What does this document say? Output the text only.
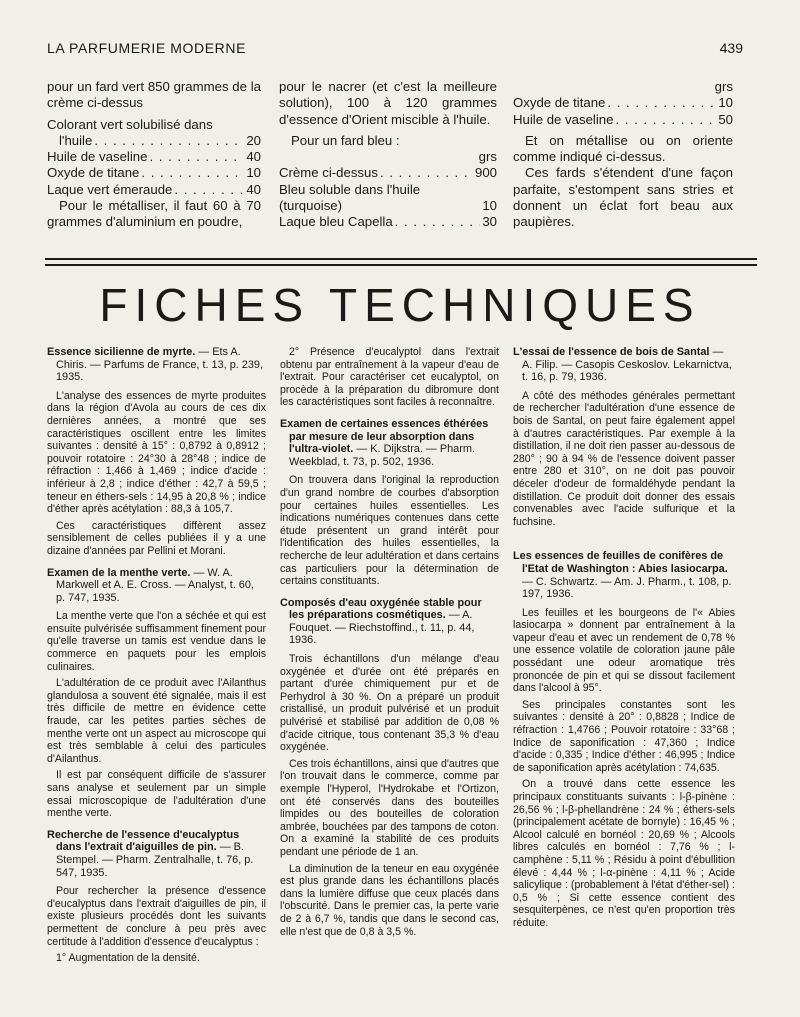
LA PARFUMERIE MODERNE	439

pour un fard vert 850 grammes de la crème ci-dessus

Colorant vert solubilisé dans

l'huile . . .	20
Huile de vaseline . . .	40
Oxyde de titane . . .	10
Laque vert émeraude . . .	40

Pour le métalliser, il faut 60 à 70 grammes d'aluminium en poudre,

pour le nacrer (et c'est la meilleure solution), 100 à 120 grammes d'essence d'Orient miscible à l'huile.

Pour un fard bleu :

grs

Crème ci-dessus . . .	900
Bleu soluble dans l'huile (turquoise)	10
Laque bleu Capella . . .	30

grs

Oxyde de titane . . .	10
Huile de vaseline . . .	50

Et on métallise ou on oriente comme indiqué ci-dessus.

Ces fards s'étendent d'une façon parfaite, s'estompent sans stries et donnent un éclat fort beau aux paupières.

FICHES TECHNIQUES
Essence sicilienne de myrte. — Ets A. Chiris. — Parfums de France, t. 13, p. 239, 1935.

L'analyse des essences de myrte produites dans la région d'Avola au cours de ces dix dernières années, a montré que ses caractéristiques oscillent entre les limites suivantes : densité à 15° : 0,8792 à 0,8912 ; pouvoir rotatoire : 24°30 à 28°48 ; indice de réfraction : 1,466 à 1,469 ; indice d'acide : inférieur à 2,8 ; indice d'éther : 42,7 à 59,5 ; teneur en éthers-sels : 14,95 à 20,8 % ; indice d'éther après acétylation : 88,3 à 105,7.

Ces caractéristiques diffèrent assez sensiblement de celles publiées il y a une dizaine d'années par Pellini et Morani.

Examen de la menthe verte. — W. A. Markwell et A. E. Cross. — Analyst, t. 60, p. 747, 1935.

La menthe verte que l'on a séchée et qui est ensuite pulvérisée suffisamment finement pour qu'elle traverse un tamis est vendue dans le commerce en paquets pour les emplois culinaires.

L'adultération de ce produit avec l'Ailanthus glandulosa a souvent été signalée, mais il est très difficile de mettre en évidence cette fraude, car les petites parties sèches de menthe verte ont un aspect au microscope qui est très semblable à celui des particules d'Ailanthus.

Il est par conséquent difficile de s'assurer sans analyse et seulement par un simple essai microscopique de l'adultération d'une menthe verte.

Recherche de l'essence d'eucalyptus dans l'extrait d'aiguilles de pin. — B. Stempel. — Pharm. Zentralhalle, t. 76, p. 547, 1935.

Pour rechercher la présence d'essence d'eucalyptus dans l'extrait d'aiguilles de pin, il existe plusieurs procédés dont les suivants permettent de conclure à peu près avec certitude à l'addition d'essence d'eucalyptus :

1° Augmentation de la densité.

2° Présence d'eucalyptol dans l'extrait obtenu par entraînement à la vapeur d'eau de l'extrait. Pour caractériser cet eucalyptol, on procède à la préparation du dibromure dont les caractéristiques sont faciles à reconnaître.

Examen de certaines essences éthérées par mesure de leur absorption dans l'ultra-violet. — K. Dijkstra. — Pharm. Weekblad, t. 73, p. 502, 1936.

On trouvera dans l'original la reproduction d'un grand nombre de courbes d'absorption pour certaines huiles essentielles. Les indications numériques contenues dans cette étude présentent un grand intérêt pour l'identification des huiles essentielles, la recherche de leur adultération et dans certains cas particuliers pour la détermination de certains constituants.

Composés d'eau oxygénée stable pour les préparations cosmétiques. — A. Fouquet. — Riechstoffind., t. 11, p. 44, 1936.

Trois échantillons d'un mélange d'eau oxygénée et d'urée ont été préparés en partant d'urée chimiquement pur et de Perhydrol à 30 %. On a préparé un produit cristallisé, un produit pulvérisé et un produit pulvérisé et stabilisé par addition de 0,08 % d'acide citrique, tous contenant 35,3 % d'eau oxygénée.

Ces trois échantillons, ainsi que d'autres que l'on trouvait dans le commerce, comme par exemple l'Hyperol, l'Hydrokabe et l'Ortizon, ont été conservés dans des bouteilles limpides ou des bouteilles de coloration ambrée, bouchées par des tampons de coton. On a examiné la stabilité de ces produits pendant une période de 1 an.

La diminution de la teneur en eau oxygénée est plus grande dans les échantillons placés dans la lumière diffuse que ceux placés dans l'obscurité. Dans le premier cas, la perte varie de 2 à 6,7 %, tandis que dans le second cas, elle n'est que de 0,8 à 3,5 %.

L'essai de l'essence de bois de Santal — A. Filip. — Casopis Ceskoslov. Lekarnictva, t. 16, p. 79, 1936.

A côté des méthodes générales permettant de rechercher l'adultération d'une essence de bois de Santal, on peut faire également appel à d'autres caractéristiques. Par exemple à la distillation, il ne doit rien passer au-dessous de 280° ; 90 à 94 % de l'essence doivent passer entre 280 et 310°, on ne doit pas pouvoir déceler d'odeur de formaldéhyde pendant la distillation. Ce produit doit donner des essais convenables avec l'acide sulfurique et la fuchsine.

Les essences de feuilles de conifères de l'Etat de Washington : Abies lasiocarpa. — C. Schwartz. — Am. J. Pharm., t. 108, p. 197, 1936.

Les feuilles et les bourgeons de l'« Abies lasiocarpa » donnent par entraînement à la vapeur d'eau et avec un rendement de 0,78 % une essence volatile de coloration jaune pâle possédant une odeur aromatique très prononcée de pin et qui se dissout facilement dans l'alcool à 95°.

Ses principales constantes sont les suivantes : densité à 20° : 0,8828 ; Indice de réfraction : 1,4766 ; Pouvoir rotatoire : 33°68 ; Indice de saponification : 47,360 ; Indice d'acide : 0,335 ; Indice d'éther : 46,995 ; Indice de saponification après acétylation : 74,635.

On a trouvé dans cette essence les principaux constituants suivants : l-β-pinène : 26,56 % ; l-β-phellandrène : 24 % ; éthers-sels (principalement acétate de bornyle) : 16,45 % ; Alcool calculé en bornéol : 20,69 % ; Alcools libres calculés en bornéol : 7,76 % ; l-camphène : 5,11 % ; Résidu à point d'ébullition élevé : 4,44 % ; l-α-pinène : 4,11 % ; Acide salicylique : (probablement à l'état d'éther-sel) : 0,5 % ; Si cette essence contient des sesquiterpènes, ce n'est qu'en proportion très réduite.
